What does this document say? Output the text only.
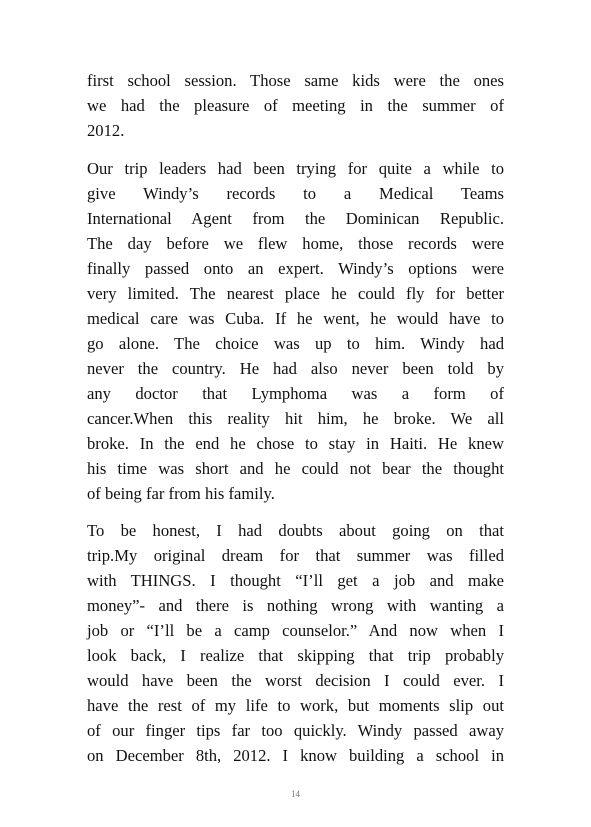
first school session. Those same kids were the ones
we had the pleasure of meeting in the summer of
2012.
Our trip leaders had been trying for quite a while to
give Windy’s records to a Medical Teams
International Agent from the Dominican Republic.
The day before we flew home, those records were
finally passed onto an expert. Windy’s options were
very limited. The nearest place he could fly for better
medical care was Cuba. If he went, he would have to
go alone. The choice was up to him. Windy had
never the country. He had also never been told by
any doctor that Lymphoma was a form of
cancer.When this reality hit him, he broke. We all
broke. In the end he chose to stay in Haiti. He knew
his time was short and he could not bear the thought
of being far from his family.
To be honest, I had doubts about going on that
trip.My original dream for that summer was filled
with THINGS. I thought “I’ll get a job and make
money”- and there is nothing wrong with wanting a
job or “I’ll be a camp counselor.” And now when I
look back, I realize that skipping that trip probably
would have been the worst decision I could ever. I
have the rest of my life to work, but moments slip out
of our finger tips far too quickly. Windy passed away
on December 8th, 2012. I know building a school in
14
